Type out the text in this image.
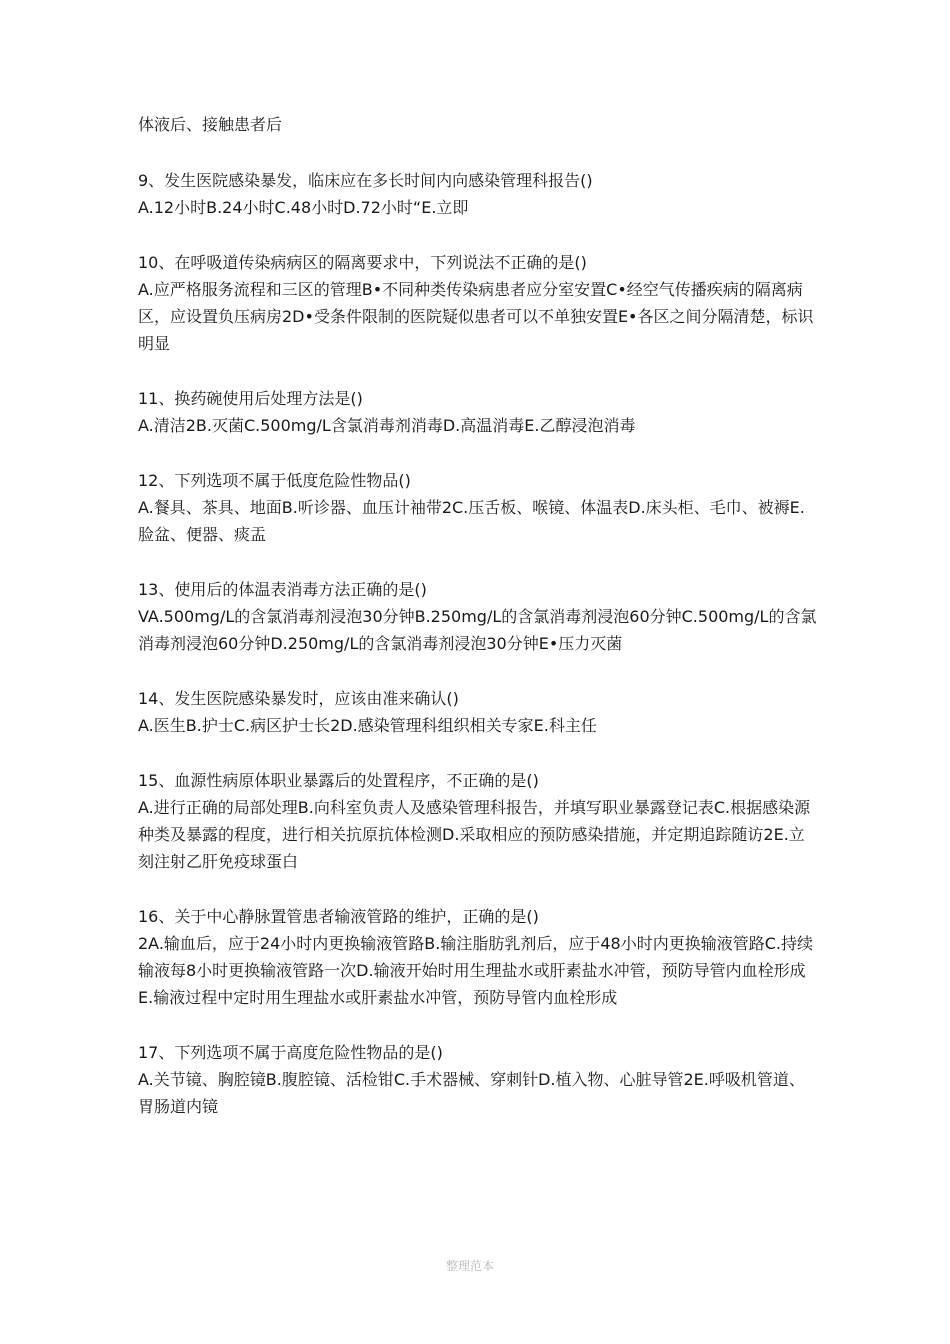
体液后、接触患者后

9、发生医院感染暴发，临床应在多长时间内向感染管理科报告()

A.12小时B.24小时C.48小时D.72小时“E.立即

10、在呼吸道传染病病区的隔离要求中，下列说法不正确的是()

A.应严格服务流程和三区的管理B•不同种类传染病患者应分室安置C•经空气传播疾病的隔离病区，应设置负压病房2D•受条件限制的医院疑似患者可以不单独安置E•各区之间分隔清楚，标识明显

11、换药碗使用后处理方法是()

A.清洁2B.灭菌C.500mg/L含氯消毒剂消毒D.高温消毒E.乙醇浸泡消毒

12、下列选项不属于低度危险性物品()

A.餐具、茶具、地面B.听诊器、血压计袖带2C.压舌板、喉镜、体温表D.床头柜、毛巾、被褥E.脸盆、便器、痰盂

13、使用后的体温表消毒方法正确的是()

VA.500mg/L的含氯消毒剂浸泡30分钟B.250mg/L的含氯消毒剂浸泡60分钟C.500mg/L的含氯消毒剂浸泡60分钟D.250mg/L的含氯消毒剂浸泡30分钟E•压力灭菌

14、发生医院感染暴发时，应该由准来确认()

A.医生B.护士C.病区护士长2D.感染管理科组织相关专家E.科主任

15、血源性病原体职业暴露后的处置程序，不正确的是()

A.进行正确的局部处理B.向科室负责人及感染管理科报告，并填写职业暴露登记表C.根据感染源种类及暴露的程度，进行相关抗原抗体检测D.采取相应的预防感染措施，并定期追踪随访2E.立刻注射乙肝免疫球蛋白

16、关于中心静脉置管患者输液管路的维护，正确的是()

2A.输血后，应于24小时内更换输液管路B.输注脂肪乳剂后，应于48小时内更换输液管路C.持续输液每8小时更换输液管路一次D.输液开始时用生理盐水或肝素盐水冲管，预防导管内血栓形成E.输液过程中定时用生理盐水或肝素盐水冲管，预防导管内血栓形成

17、下列选项不属于高度危险性物品的是()

A.关节镜、胸腔镜B.腹腔镜、活检钳C.手术器械、穿刺针D.植入物、心脏导管2E.呼吸机管道、胃肠道内镜

整理范本
